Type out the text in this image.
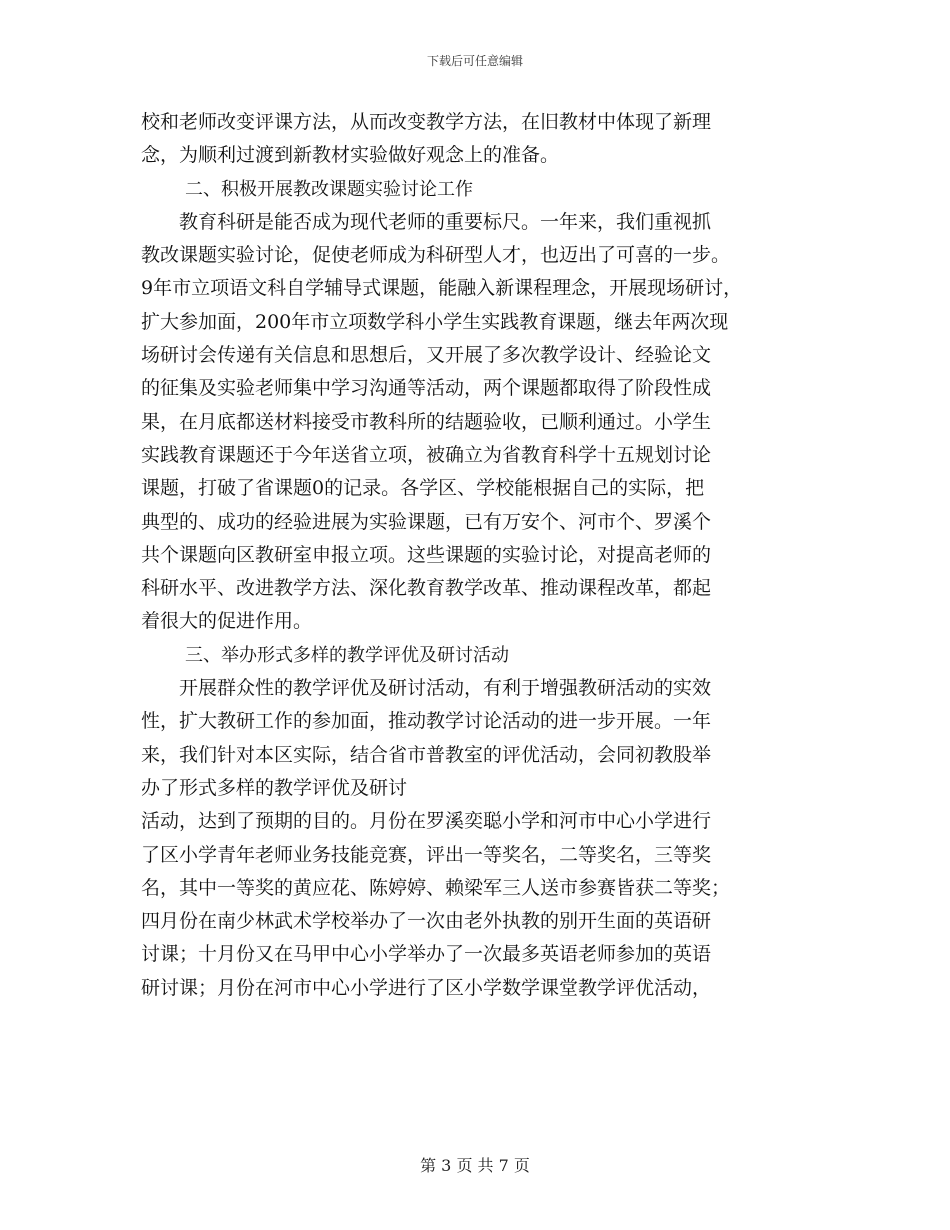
下载后可任意编辑
校和老师改变评课方法，从而改变教学方法，在旧教材中体现了新理
念，为顺利过渡到新教材实验做好观念上的准备。
二、积极开展教改课题实验讨论工作
　　教育科研是能否成为现代老师的重要标尺。一年来，我们重视抓
教改课题实验讨论，促使老师成为科研型人才，也迈出了可喜的一步。
9年市立项语文科自学辅导式课题，能融入新课程理念，开展现场研讨，
扩大参加面，200年市立项数学科小学生实践教育课题，继去年两次现
场研讨会传递有关信息和思想后，又开展了多次教学设计、经验论文
的征集及实验老师集中学习沟通等活动，两个课题都取得了阶段性成
果，在月底都送材料接受市教科所的结题验收，已顺利通过。小学生
实践教育课题还于今年送省立项，被确立为省教育科学十五规划讨论
课题，打破了省课题0的记录。各学区、学校能根据自己的实际，把
典型的、成功的经验进展为实验课题，已有万安个、河市个、罗溪个
共个课题向区教研室申报立项。这些课题的实验讨论，对提高老师的
科研水平、改进教学方法、深化教育教学改革、推动课程改革，都起
着很大的促进作用。
三、举办形式多样的教学评优及研讨活动
　　开展群众性的教学评优及研讨活动，有利于增强教研活动的实效
性，扩大教研工作的参加面，推动教学讨论活动的进一步开展。一年
来，我们针对本区实际，结合省市普教室的评优活动，会同初教股举
办了形式多样的教学评优及研讨
活动，达到了预期的目的。月份在罗溪奕聪小学和河市中心小学进行
了区小学青年老师业务技能竞赛，评出一等奖名，二等奖名，三等奖
名，其中一等奖的黄应花、陈婷婷、赖梁军三人送市参赛皆获二等奖；
四月份在南少林武术学校举办了一次由老外执教的别开生面的英语研
讨课；十月份又在马甲中心小学举办了一次最多英语老师参加的英语
研讨课；月份在河市中心小学进行了区小学数学课堂教学评优活动，
第 3 页 共 7 页
